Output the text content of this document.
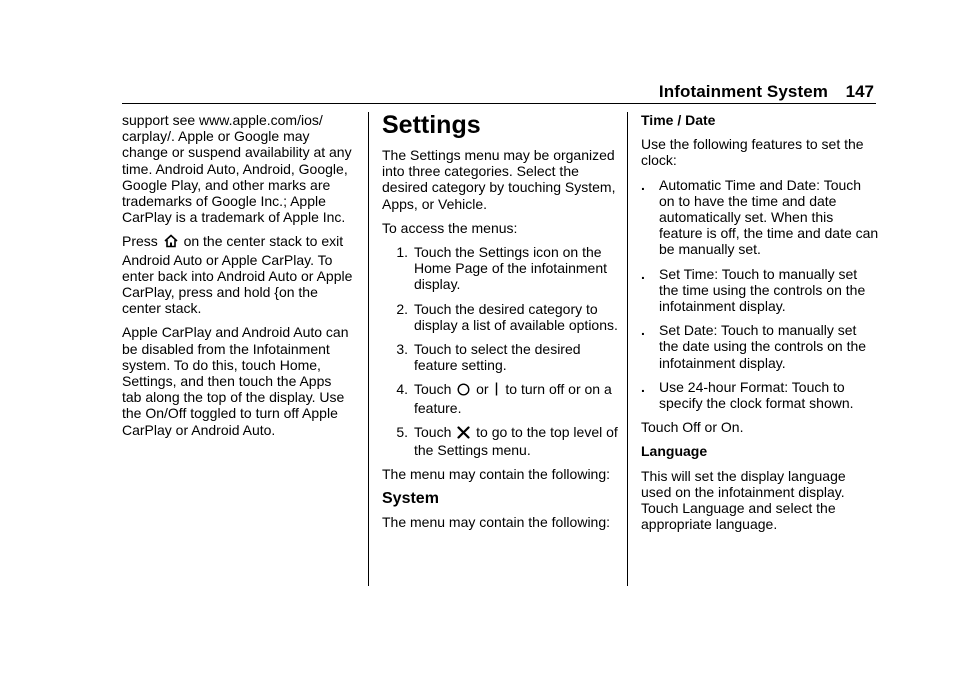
Infotainment System 147

support see www.apple.com/ios/ carplay/. Apple or Google may change or suspend availability at any time. Android Auto, Android, Google, Google Play, and other marks are trademarks of Google Inc.; Apple CarPlay is a trademark of Apple Inc.

Press on the center stack to exit Android Auto or Apple CarPlay. To enter back into Android Auto or Apple CarPlay, press and hold {on the center stack.

Apple CarPlay and Android Auto can be disabled from the Infotainment system. To do this, touch Home, Settings, and then touch the Apps tab along the top of the display. Use the On/Off toggled to turn off Apple CarPlay or Android Auto.

Settings

The Settings menu may be organized into three categories. Select the desired category by touching System, Apps, or Vehicle.

To access the menus:

1. Touch the Settings icon on the Home Page of the infotainment display.
2. Touch the desired category to display a list of available options.
3. Touch to select the desired feature setting.
4. Touch or to turn off or on a feature.
5. Touch to go to the top level of the Settings menu.

The menu may contain the following:

System

The menu may contain the following:

Time / Date

Use the following features to set the clock:

.	Automatic Time and Date: Touch on to have the time and date automatically set. When this feature is off, the time and date can be manually set.
.	Set Time: Touch to manually set the time using the controls on the infotainment display.
.	Set Date: Touch to manually set the date using the controls on the infotainment display.
.	Use 24-hour Format: Touch to specify the clock format shown.

Touch Off or On.

Language

This will set the display language used on the infotainment display. Touch Language and select the appropriate language.
